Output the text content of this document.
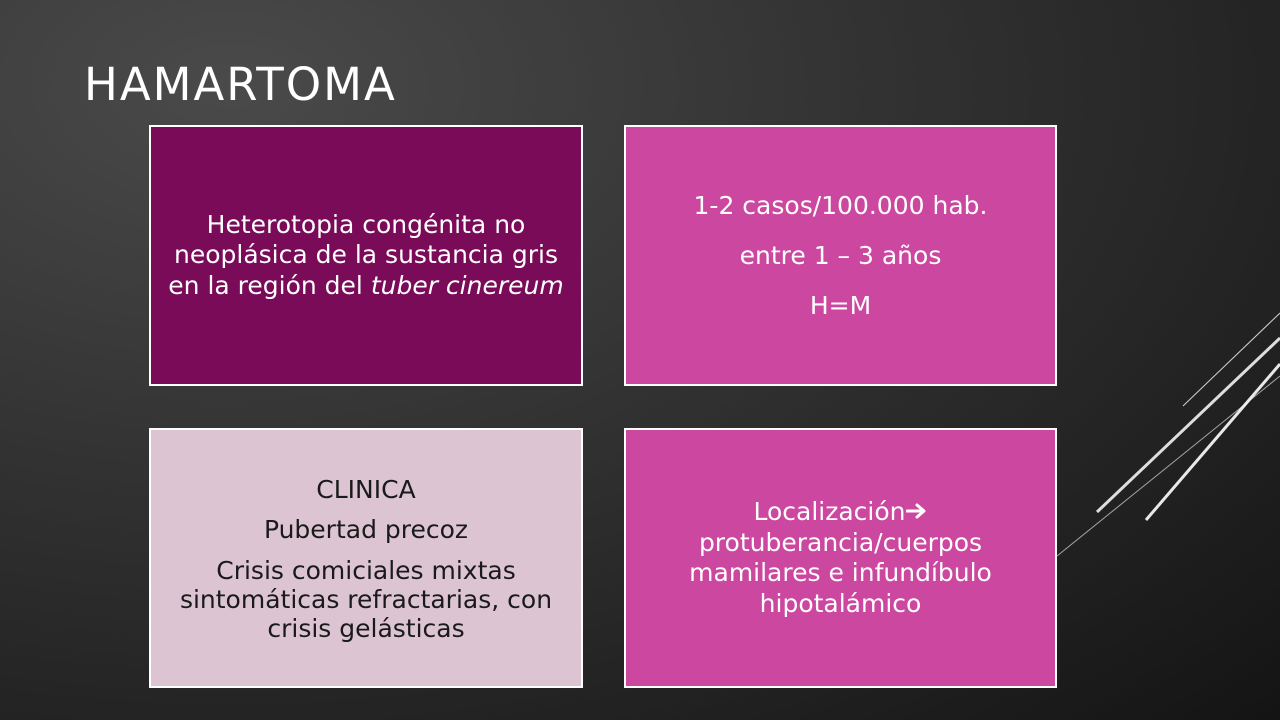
HAMARTOMA
Heterotopia congénita no neoplásica de la sustancia gris en la región del tuber cinereum
1-2 casos/100.000 hab.
entre 1 – 3 años
H=M
CLINICA
Pubertad precoz
Crisis comiciales mixtas sintomáticas refractarias, con crisis gelásticas
Localización protuberancia/cuerpos mamilares e infundíbulo hipotalámico
